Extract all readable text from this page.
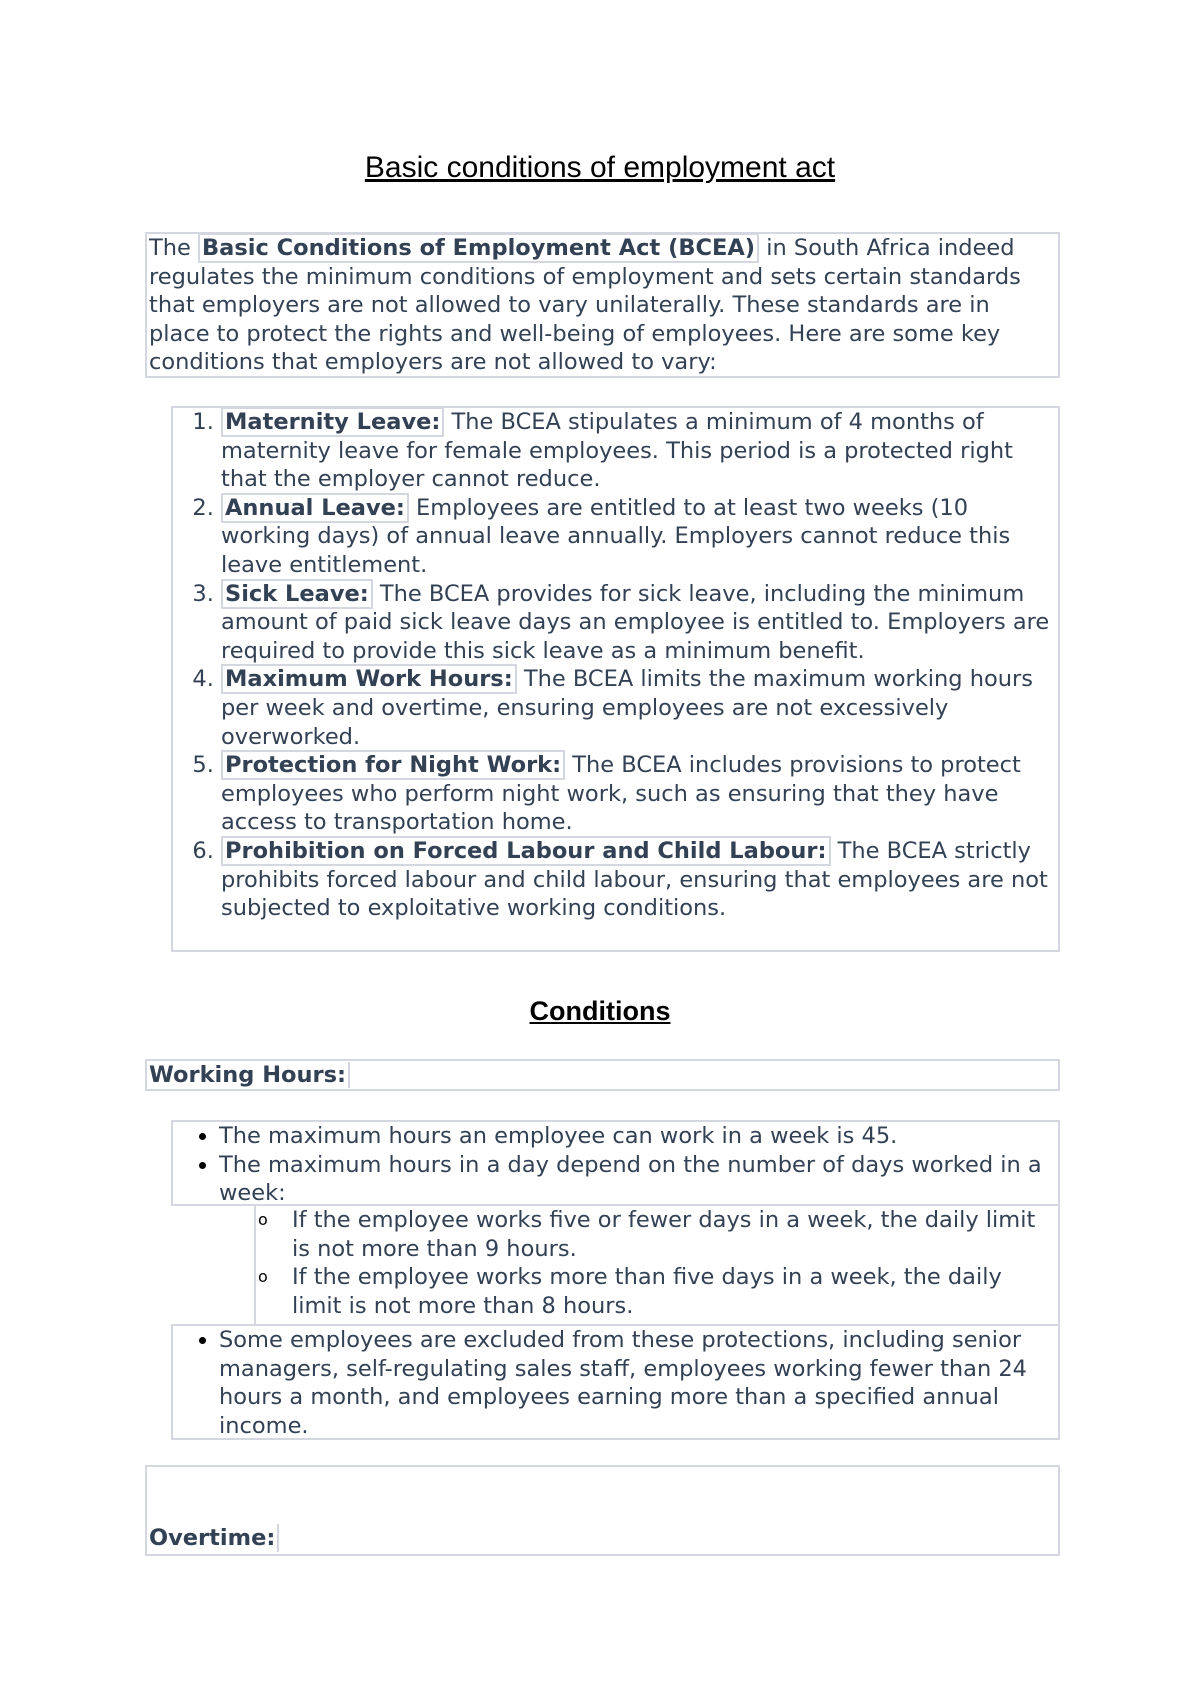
Basic conditions of employment act
The Basic Conditions of Employment Act (BCEA) in South Africa indeed regulates the minimum conditions of employment and sets certain standards that employers are not allowed to vary unilaterally. These standards are in place to protect the rights and well-being of employees. Here are some key conditions that employers are not allowed to vary:
1. Maternity Leave: The BCEA stipulates a minimum of 4 months of maternity leave for female employees. This period is a protected right that the employer cannot reduce.
2. Annual Leave: Employees are entitled to at least two weeks (10 working days) of annual leave annually. Employers cannot reduce this leave entitlement.
3. Sick Leave: The BCEA provides for sick leave, including the minimum amount of paid sick leave days an employee is entitled to. Employers are required to provide this sick leave as a minimum benefit.
4. Maximum Work Hours: The BCEA limits the maximum working hours per week and overtime, ensuring employees are not excessively overworked.
5. Protection for Night Work: The BCEA includes provisions to protect employees who perform night work, such as ensuring that they have access to transportation home.
6. Prohibition on Forced Labour and Child Labour: The BCEA strictly prohibits forced labour and child labour, ensuring that employees are not subjected to exploitative working conditions.
Conditions
Working Hours:
• The maximum hours an employee can work in a week is 45.
• The maximum hours in a day depend on the number of days worked in a week:
o If the employee works five or fewer days in a week, the daily limit is not more than 9 hours.
o If the employee works more than five days in a week, the daily limit is not more than 8 hours.
• Some employees are excluded from these protections, including senior managers, self-regulating sales staff, employees working fewer than 24 hours a month, and employees earning more than a specified annual income.
Overtime:
